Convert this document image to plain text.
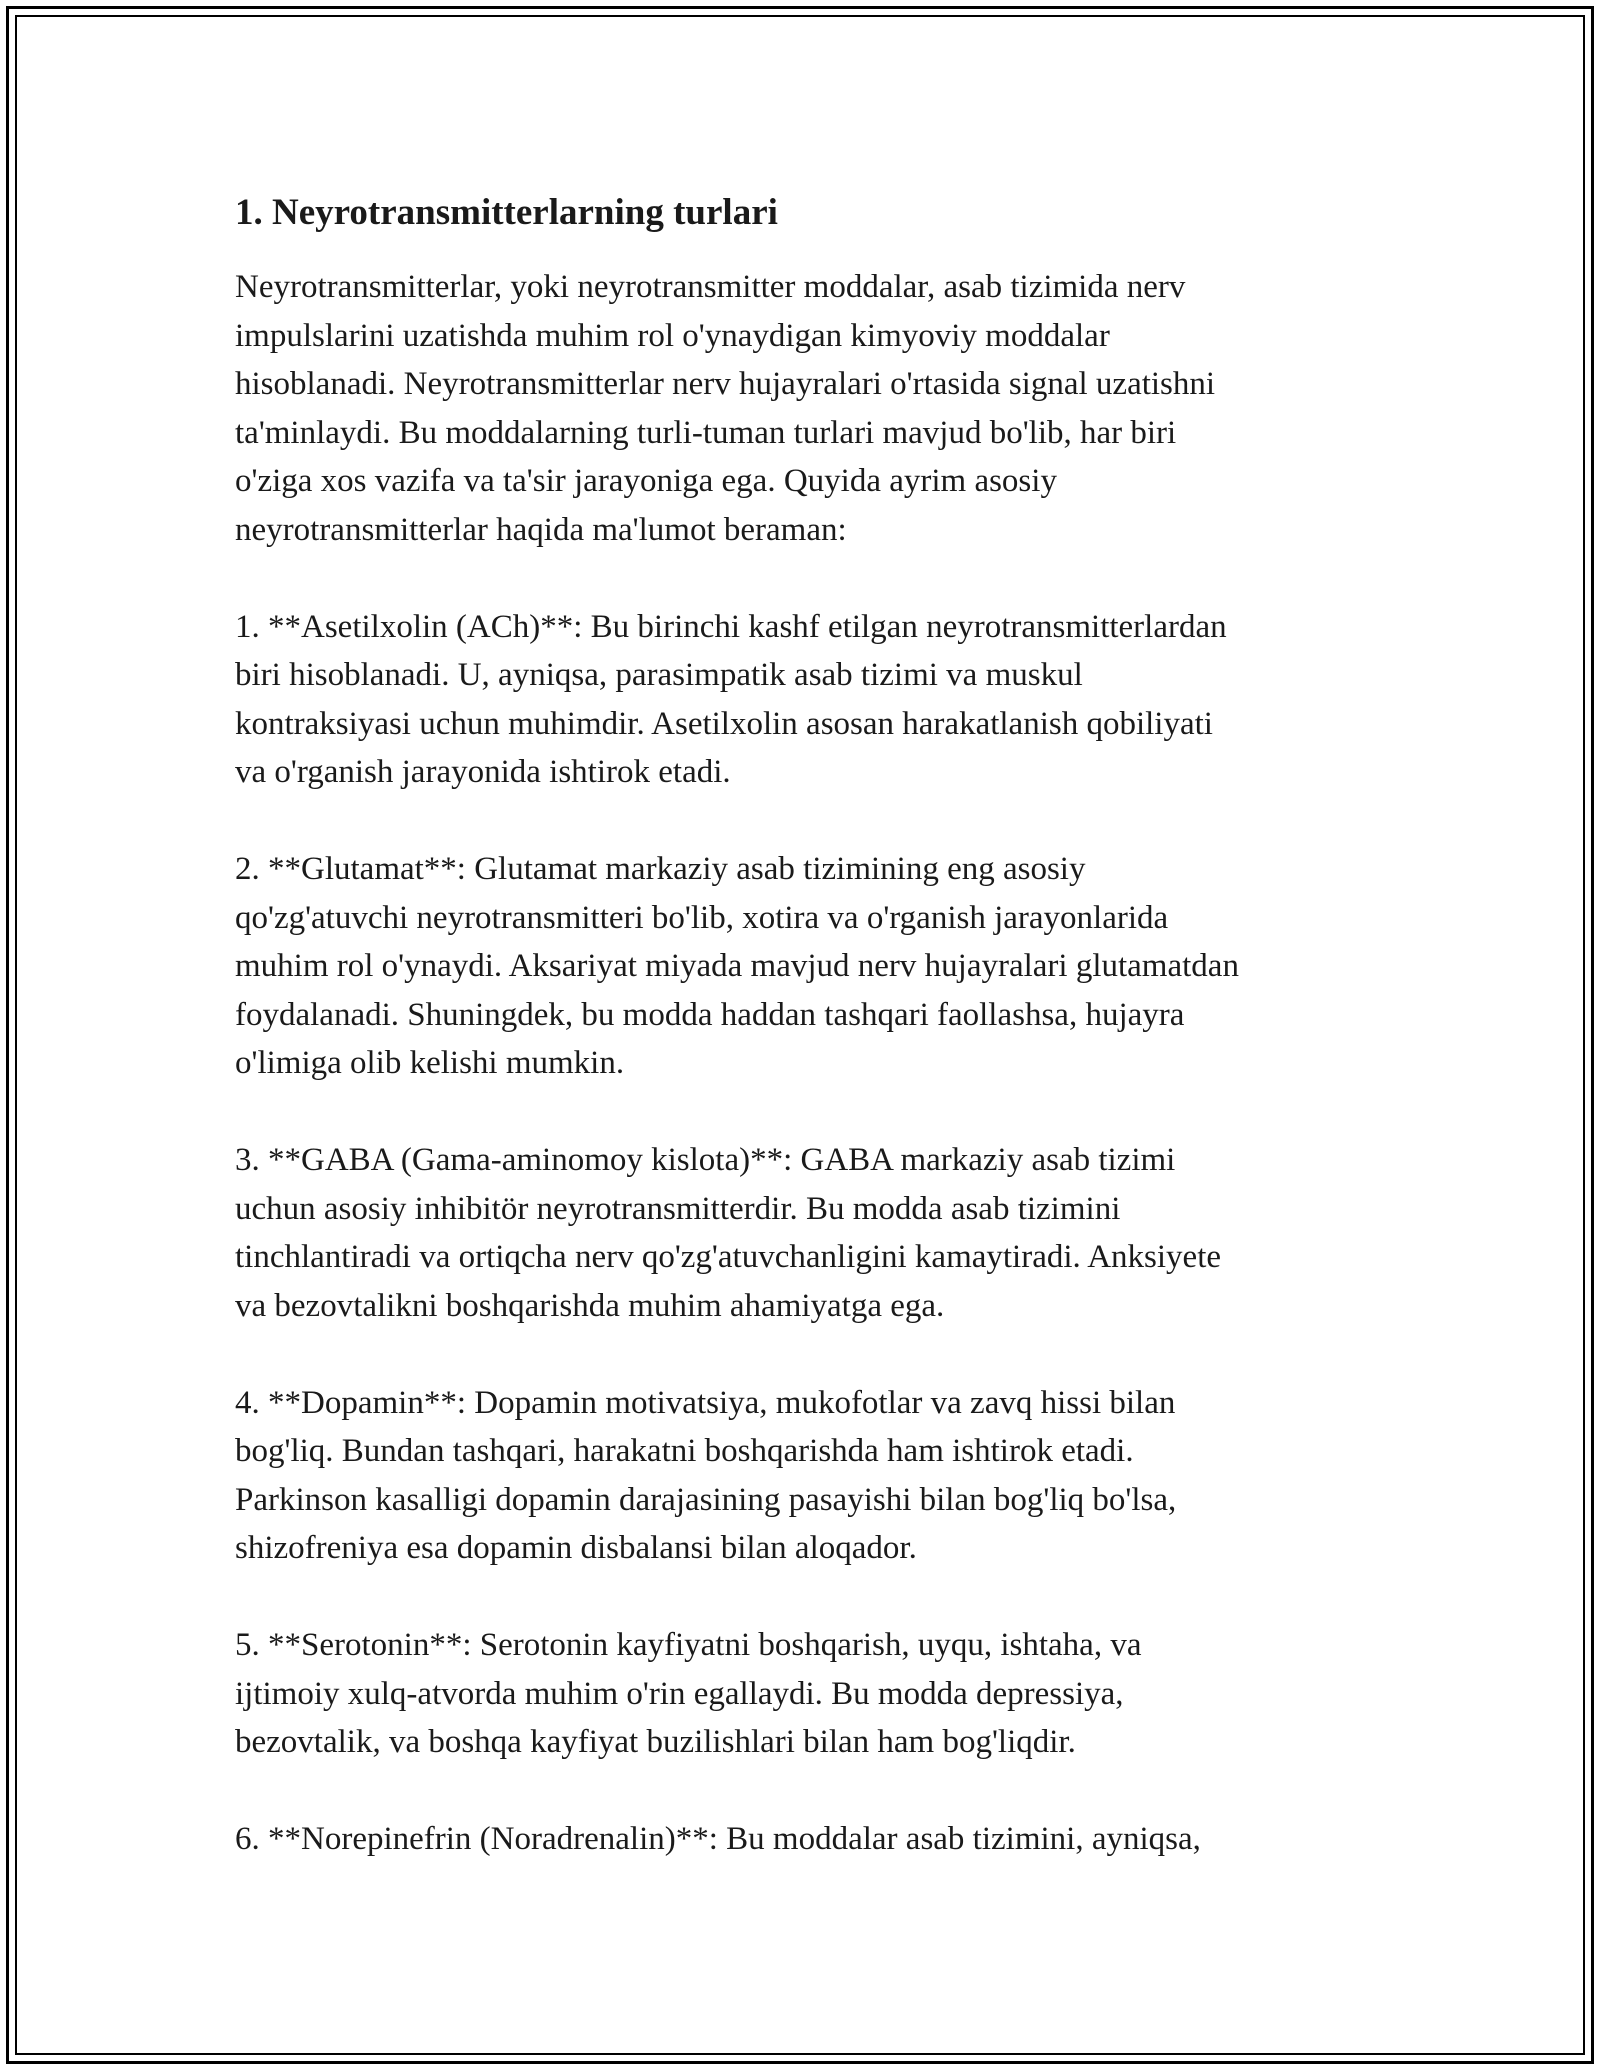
1. Neyrotransmitterlarning turlari

Neyrotransmitterlar, yoki neyrotransmitter moddalar, asab tizimida nerv
impulslarini uzatishda muhim rol o'ynaydigan kimyoviy moddalar
hisoblanadi. Neyrotransmitterlar nerv hujayralari o'rtasida signal uzatishni
ta'minlaydi. Bu moddalarning turli-tuman turlari mavjud bo'lib, har biri
o'ziga xos vazifa va ta'sir jarayoniga ega. Quyida ayrim asosiy
neyrotransmitterlar haqida ma'lumot beraman:

1. **Asetilxolin (ACh)**: Bu birinchi kashf etilgan neyrotransmitterlardan
biri hisoblanadi. U, ayniqsa, parasimpatik asab tizimi va muskul
kontraksiyasi uchun muhimdir. Asetilxolin asosan harakatlanish qobiliyati
va o'rganish jarayonida ishtirok etadi.

2. **Glutamat**: Glutamat markaziy asab tizimining eng asosiy
qo'zg'atuvchi neyrotransmitteri bo'lib, xotira va o'rganish jarayonlarida
muhim rol o'ynaydi. Aksariyat miyada mavjud nerv hujayralari glutamatdan
foydalanadi. Shuningdek, bu modda haddan tashqari faollashsa, hujayra
o'limiga olib kelishi mumkin.

3. **GABA (Gama-aminomoy kislota)**: GABA markaziy asab tizimi
uchun asosiy inhibitör neyrotransmitterdir. Bu modda asab tizimini
tinchlantiradi va ortiqcha nerv qo'zg'atuvchanligini kamaytiradi. Anksiyete
va bezovtalikni boshqarishda muhim ahamiyatga ega.

4. **Dopamin**: Dopamin motivatsiya, mukofotlar va zavq hissi bilan
bog'liq. Bundan tashqari, harakatni boshqarishda ham ishtirok etadi.
Parkinson kasalligi dopamin darajasining pasayishi bilan bog'liq bo'lsa,
shizofreniya esa dopamin disbalansi bilan aloqador.

5. **Serotonin**: Serotonin kayfiyatni boshqarish, uyqu, ishtaha, va
ijtimoiy xulq-atvorda muhim o'rin egallaydi. Bu modda depressiya,
bezovtalik, va boshqa kayfiyat buzilishlari bilan ham bog'liqdir.

6. **Norepinefrin (Noradrenalin)**: Bu moddalar asab tizimini, ayniqsa,
